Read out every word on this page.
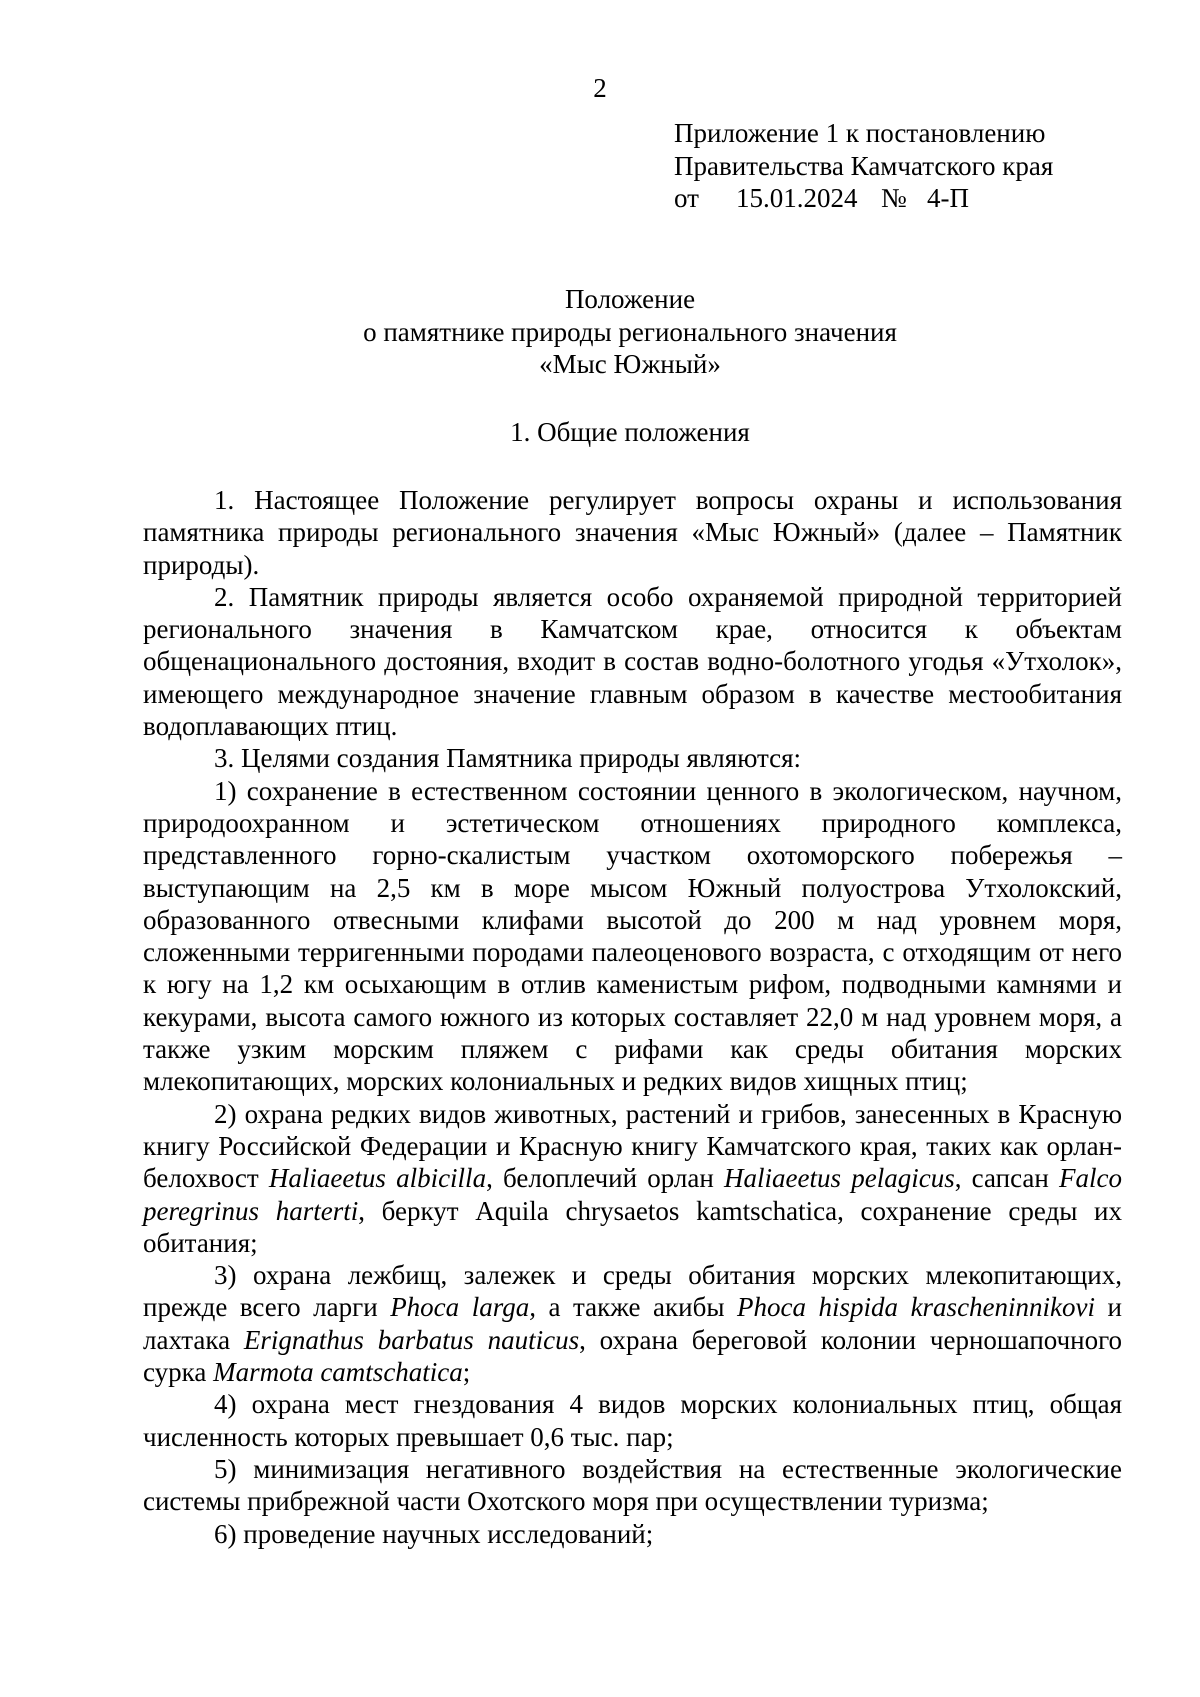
2
Приложение 1 к постановлению
Правительства Камчатского края
от 15.01.2024 № 4-П
Положение
о памятнике природы регионального значения
«Мыс Южный»
1. Общие положения

1. Настоящее Положение регулирует вопросы охраны и использования памятника природы регионального значения «Мыс Южный» (далее – Памятник природы).

2. Памятник природы является особо охраняемой природной территорией регионального значения в Камчатском крае, относится к объектам общенационального достояния, входит в состав водно-болотного угодья «Утхолок», имеющего международное значение главным образом в качестве местообитания водоплавающих птиц.

3. Целями создания Памятника природы являются:

1) сохранение в естественном состоянии ценного в экологическом, научном, природоохранном и эстетическом отношениях природного комплекса, представленного горно-скалистым участком охотоморского побережья – выступающим на 2,5 км в море мысом Южный полуострова Утхолокский, образованного отвесными клифами высотой до 200 м над уровнем моря, сложенными терригенными породами палеоценового возраста, с отходящим от него к югу на 1,2 км осыхающим в отлив каменистым рифом, подводными камнями и кекурами, высота самого южного из которых составляет 22,0 м над уровнем моря, а также узким морским пляжем с рифами как среды обитания морских млекопитающих, морских колониальных и редких видов хищных птиц;

2) охрана редких видов животных, растений и грибов, занесенных в Красную книгу Российской Федерации и Красную книгу Камчатского края, таких как орлан-белохвост Haliaeetus albicilla, белоплечий орлан Haliaeetus pelagicus, сапсан Falco peregrinus harterti, беркут Aquila chrysaetos kamtschatica, сохранение среды их обитания;

3) охрана лежбищ, залежек и среды обитания морских млекопитающих, прежде всего ларги Phoca larga, а также акибы Phoca hispida krascheninnikovi и лахтака Erignathus barbatus nauticus, охрана береговой колонии черношапочного сурка Marmota camtschatica;

4) охрана мест гнездования 4 видов морских колониальных птиц, общая численность которых превышает 0,6 тыс. пар;

5) минимизация негативного воздействия на естественные экологические системы прибрежной части Охотского моря при осуществлении туризма;

6) проведение научных исследований;
